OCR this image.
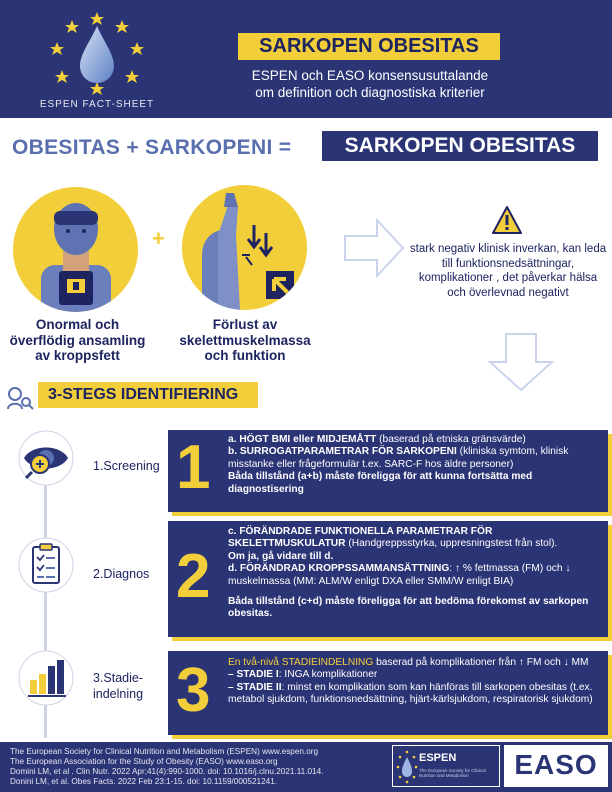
ESPEN FACT-SHEET
SARKOPEN OBESITAS
ESPEN och EASO konsensusuttalande
om definition och diagnostiska kriterier
OBESITAS + SARKOPENI =	SARKOPEN OBESITAS
+
Onormal och överflödig ansamling av kroppsfett
Förlust av skelettmuskelmassa och funktion
stark negativ klinisk inverkan, kan leda till funktionsnedsättningar, komplikationer , det påverkar hälsa och överlevnad negativt
3-STEGS IDENTIFIERING
1.Screening 1 a. HÖGT BMI eller MIDJEMÅTT (baserad på etniska gränsvärde)
b. SURROGATPARAMETRAR FÖR SARKOPENI (kliniska symtom, klinisk misstanke eller frågeformulär t.ex. SARC-F hos äldre personer)
Båda tillstånd (a+b) måste föreligga för att kunna fortsätta med diagnostisering
2.Diagnos 2
c. FÖRÄNDRADE FUNKTIONELLA PARAMETRAR FÖR SKELETTMUSKULATUR (Handgreppsstyrka, uppresningstest från stol).
Om ja, gå vidare till d.
d. FÖRÄNDRAD KROPPSSAMMANSÄTTNING: ↑ % fettmassa (FM) och ↓ muskelmassa (MM: ALM/W enligt DXA eller SMM/W enligt BIA)
Båda tillstånd (c+d) måste föreligga för att bedöma förekomst av sarkopen obesitas.
3.Stadie-
indelning 3 En två-nivå STADIEINDELNING baserad på komplikationer från ↑ FM och ↓ MM
– STADIE I: INGA komplikationer
– STADIE II: minst en komplikation som kan hänföras till sarkopen obesitas (t.ex. metabol sjukdom, funktionsnedsättning, hjärt-kärlsjukdom, respiratorisk sjukdom)
The European Society for Clinical Nutrition and Metabolism (ESPEN) www.espen.org
The European Association for the Study of Obesity (EASO) www.easo.org
Domini LM, et al . Clin Nutr. 2022 Apr;41(4):990-1000. doi: 10.1016/j.clnu.2021.11.014.
Donini LM, et al. Obes Facts. 2022 Feb 23:1-15. doi: 10.1159/000521241.
ESPEN
The European Society for Clinical Nutrition and Metabolism	EASO
